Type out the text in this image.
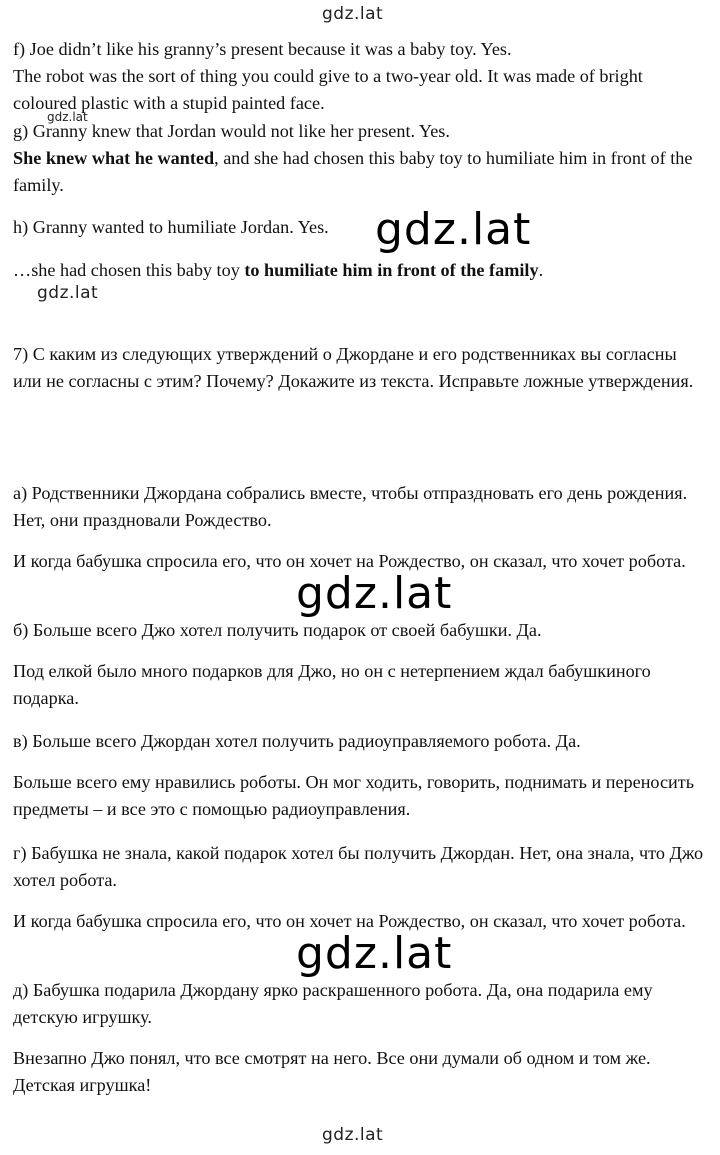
gdz.lat

f) Joe didn’t like his granny’s present because it was a baby toy. Yes.

The robot was the sort of thing you could give to a two-year old. It was made of bright coloured plastic with a stupid painted face.

g) Granny knew that Jordan would not like her present. Yes.

gdz.lat

She knew what he wanted, and she had chosen this baby toy to humiliate him in front of the family.

h) Granny wanted to humiliate Jordan. Yes.	gdz.lat

…she had chosen this baby toy to humiliate him in front of the family.

gdz.lat

7) С каким из следующих утверждений о Джордане и его родственниках вы согласны или не согласны с этим? Почему? Докажите из текста. Исправьте ложные утверждения.

а) Родственники Джордана собрались вместе, чтобы отпраздновать его день рождения. Нет, они праздновали Рождество.

И когда бабушка спросила его, что он хочет на Рождество, он сказал, что хочет робота.

gdz.lat

б) Больше всего Джо хотел получить подарок от своей бабушки. Да.

Под елкой было много подарков для Джо, но он с нетерпением ждал бабушкиного подарка.

в) Больше всего Джордан хотел получить радиоуправляемого робота. Да.

Больше всего ему нравились роботы. Он мог ходить, говорить, поднимать и переносить предметы – и все это с помощью радиоуправления.

г) Бабушка не знала, какой подарок хотел бы получить Джордан. Нет, она знала, что Джо хотел робота.

И когда бабушка спросила его, что он хочет на Рождество, он сказал, что хочет робота.

gdz.lat

д) Бабушка подарила Джордану ярко раскрашенного робота. Да, она подарила ему детскую игрушку.

Внезапно Джо понял, что все смотрят на него. Все они думали об одном и том же. Детская игрушка!

gdz.lat
